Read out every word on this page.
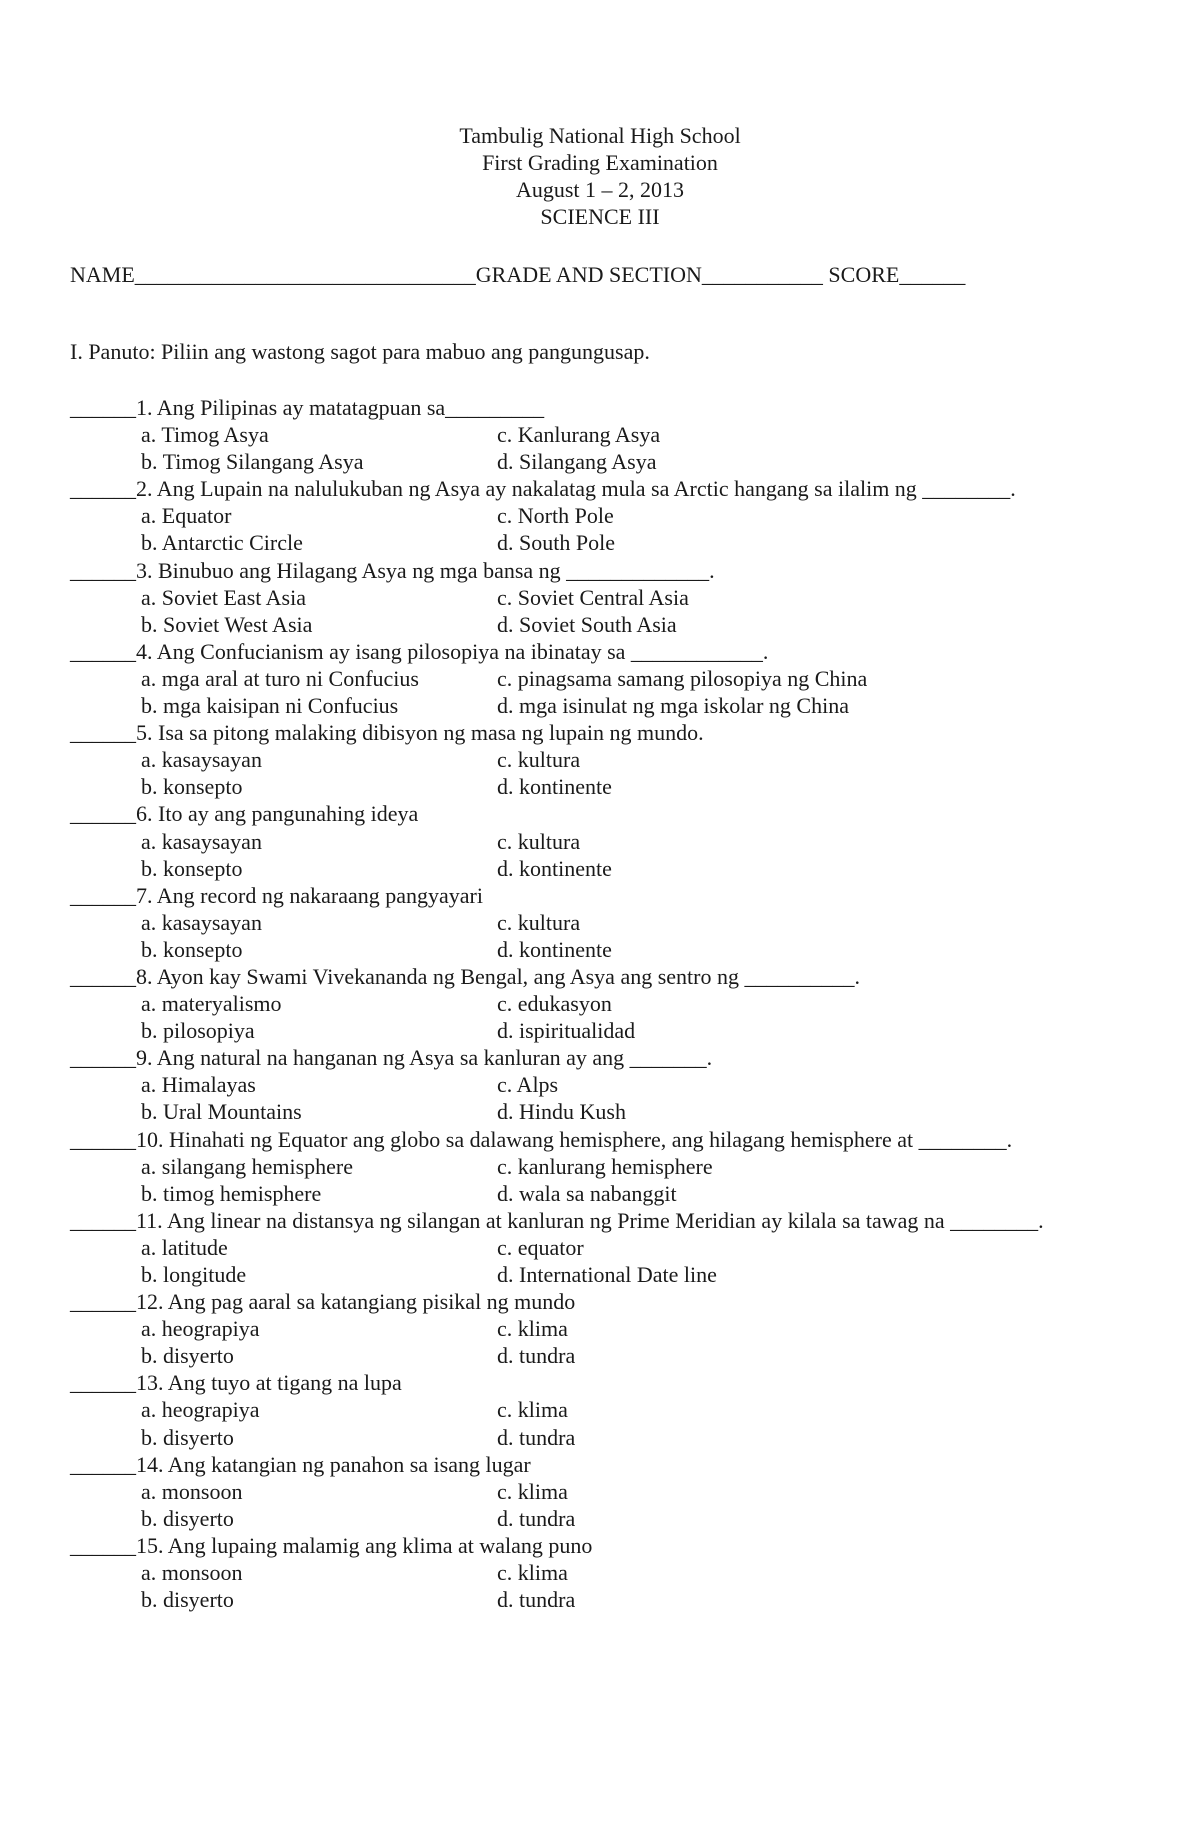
Tambulig National High School
First Grading Examination
August 1 – 2, 2013
SCIENCE III
NAME_______________________________GRADE AND SECTION___________ SCORE______
I. Panuto: Piliin ang wastong sagot para mabuo ang pangungusap.
______1. Ang Pilipinas ay matatagpuan sa_________
a. Timog Asya	c. Kanlurang Asya
b. Timog Silangang Asya	d. Silangang Asya
______2. Ang Lupain na nalulukuban ng Asya ay nakalatag mula sa Arctic hangang sa ilalim ng ________.
a. Equator	c. North Pole
b. Antarctic Circle	d. South Pole
______3. Binubuo ang Hilagang Asya ng mga bansa ng _____________.
a. Soviet East Asia	c. Soviet Central Asia
b. Soviet West Asia	d. Soviet South Asia
______4. Ang Confucianism ay isang pilosopiya na ibinatay sa ____________.
a. mga aral at turo ni Confucius	c. pinagsama samang pilosopiya ng China
b. mga kaisipan ni Confucius	d. mga isinulat ng mga iskolar ng China
______5. Isa sa pitong malaking dibisyon ng masa ng lupain ng mundo.
a. kasaysayan	c. kultura
b. konsepto	d. kontinente
______6. Ito ay ang pangunahing ideya
a. kasaysayan	c. kultura
b. konsepto	d. kontinente
______7. Ang record ng nakaraang pangyayari
a. kasaysayan	c. kultura
b. konsepto	d. kontinente
______8. Ayon kay Swami Vivekananda ng Bengal, ang Asya ang sentro ng __________.
a. materyalismo	c. edukasyon
b. pilosopiya	d. ispiritualidad
______9. Ang natural na hanganan ng Asya sa kanluran ay ang _______.
a. Himalayas	c. Alps
b. Ural Mountains	d. Hindu Kush
______10. Hinahati ng Equator ang globo sa dalawang hemisphere, ang hilagang hemisphere at ________.
a. silangang hemisphere	c. kanlurang hemisphere
b. timog hemisphere	d. wala sa nabanggit
______11. Ang linear na distansya ng silangan at kanluran ng Prime Meridian ay kilala sa tawag na ________.
a. latitude	c. equator
b. longitude	d. International Date line
______12. Ang pag aaral sa katangiang pisikal ng mundo
a. heograpiya	c. klima
b. disyerto	d. tundra
______13. Ang tuyo at tigang na lupa
a. heograpiya	c. klima
b. disyerto	d. tundra
______14. Ang katangian ng panahon sa isang lugar
a. monsoon	c. klima
b. disyerto	d. tundra
______15. Ang lupaing malamig ang klima at walang puno
a. monsoon	c. klima
b. disyerto	d. tundra
